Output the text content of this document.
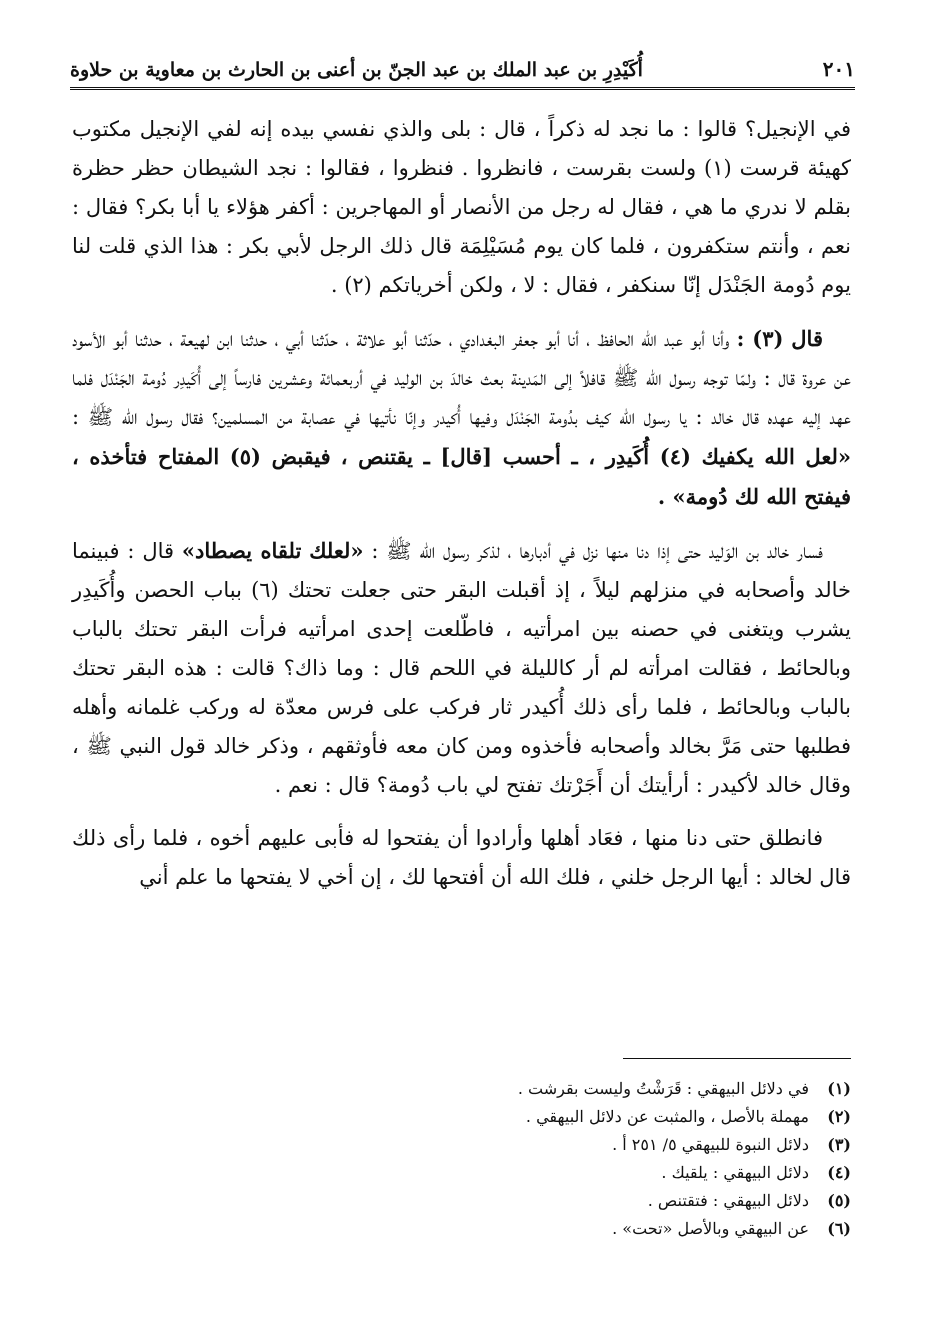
٢٠١
أُكَيْدِرِ بن عبد الملك بن عبد الجنّ بن أعنى بن الحارث بن معاوية بن حلاوة

في الإنجيل؟ قالوا : ما نجد له ذكراً ، قال : بلى والذي نفسي بيده إنه لفي الإنجيل مكتوب كهيئة قرست (١) ولست بقرست ، فانظروا . فنظروا ، فقالوا : نجد الشيطان حظر حظرة بقلم لا ندري ما هي ، فقال له رجل من الأنصار أو المهاجرين : أكفر هؤلاء يا أبا بكر؟ فقال : نعم ، وأنتم ستكفرون ، فلما كان يوم مُسَيْلِمَة قال ذلك الرجل لأبي بكر : هذا الذي قلت لنا يوم دُومة الجَنْدَل إنّا سنكفر ، فقال : لا ، ولكن أخرياتكم (٢) .

قال (٣) : وأنا أبو عبد الله الحافظ ، أنا أبو جعفر البغدادي ، حدّثنا أبو علاثة ، حدّثنا أبي ، حدثنا ابن لهيعة ، حدثنا أبو الأسود عن عروة قال : ولمّا توجه رسول الله ﷺ قافلاً إلى المَدينة بعث خالدَ بن الوليد في أربعمائة وعشرين فارساً إلى أُكَيدِر دُومة الجَنْدَل فلما عهد إليه عهده قال خالد : يا رسول الله كيف بدُومة الجَنْدَل وفيها أُكيدر وإنّا نأتيها في عصابة من المسلمين؟ فقال رسول الله ﷺ : «لعل الله يكفيك (٤) أُكَيدِر ، ـ أحسب [قال] ـ يقتنص ، فيقبض (٥) المفتاح فتأخذه ، فيفتح الله لك دُومة» .

فسار خالد بن الوَليد حتى إذا دنا منها نزل في أدبارها ، لذكر رسول الله ﷺ : «لعلك تلقاه يصطاد» قال : فبينما خالد وأصحابه في منزلهم ليلاً ، إذ أقبلت البقر حتى جعلت تحتك (٦) بباب الحصن وأُكَيدِر يشرب ويتغنى في حصنه بين امرأتيه ، فاطّلعت إحدى امرأتيه فرأت البقر تحتك بالباب وبالحائط ، فقالت امرأته لم أر كالليلة في اللحم قال : وما ذاك؟ قالت : هذه البقر تحتك بالباب وبالحائط ، فلما رأى ذلك أُكيدر ثار فركب على فرس معدّة له وركب غلمانه وأهله فطلبها حتى مَرَّ بخالد وأصحابه فأخذوه ومن كان معه فأوثقهم ، وذكر خالد قول النبي ﷺ ، وقال خالد لأكيدر : أرأيتك أن أَجَرْتك تفتح لي باب دُومة؟ قال : نعم .

فانطلق حتى دنا منها ، فعَاد أهلها وأرادوا أن يفتحوا له فأبى عليهم أخوه ، فلما رأى ذلك قال لخالد : أيها الرجل خلني ، فلك الله أن أفتحها لك ، إن أخي لا يفتحها ما علم أني

(١)
في دلائل البيهقي : قَرَشْتُ وليست بقرشت .
(٢)
مهملة بالأصل ، والمثبت عن دلائل البيهقي .
(٣)
دلائل النبوة للبيهقي ٥/ ٢٥١ أ .
(٤)
دلائل البيهقي : يلقيك .
(٥)
دلائل البيهقي : فتقتنص .
(٦)
عن البيهقي وبالأصل «تحت» .
